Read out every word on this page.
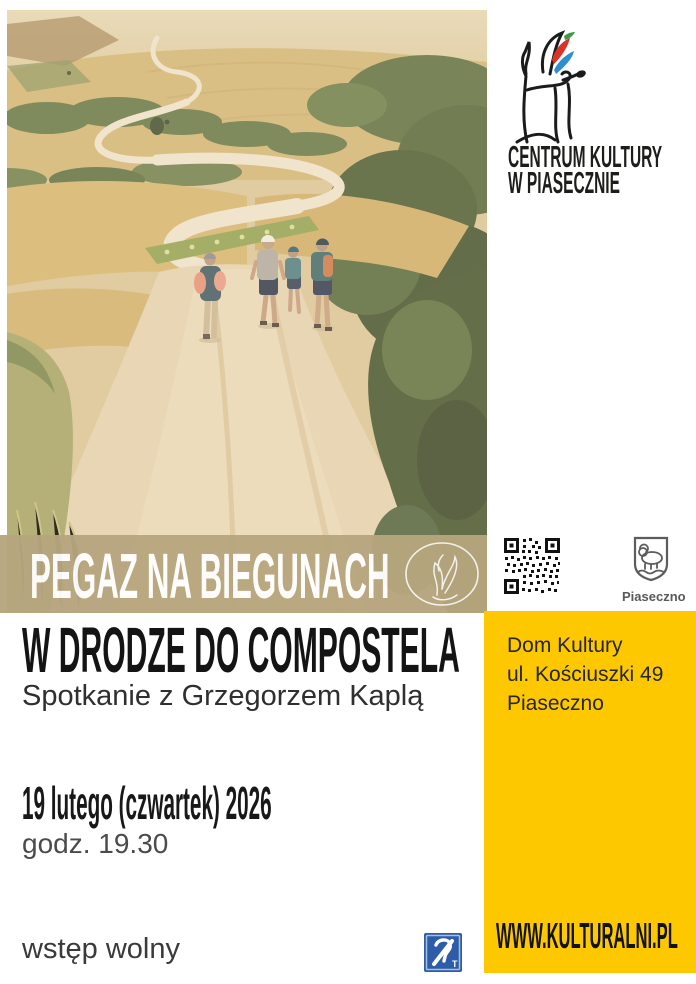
PEGAZ NA BIEGUNACH
CENTRUM KULTURY
W PIASECZNIE
Piaseczno
Dom Kultury
ul. Kościuszki 49
Piaseczno
WWW.KULTURALNI.PL
W DRODZE DO COMPOSTELA
Spotkanie z Grzegorzem Kaplą
19 lutego (czwartek) 2026
godz. 19.30
wstęp wolny	T
